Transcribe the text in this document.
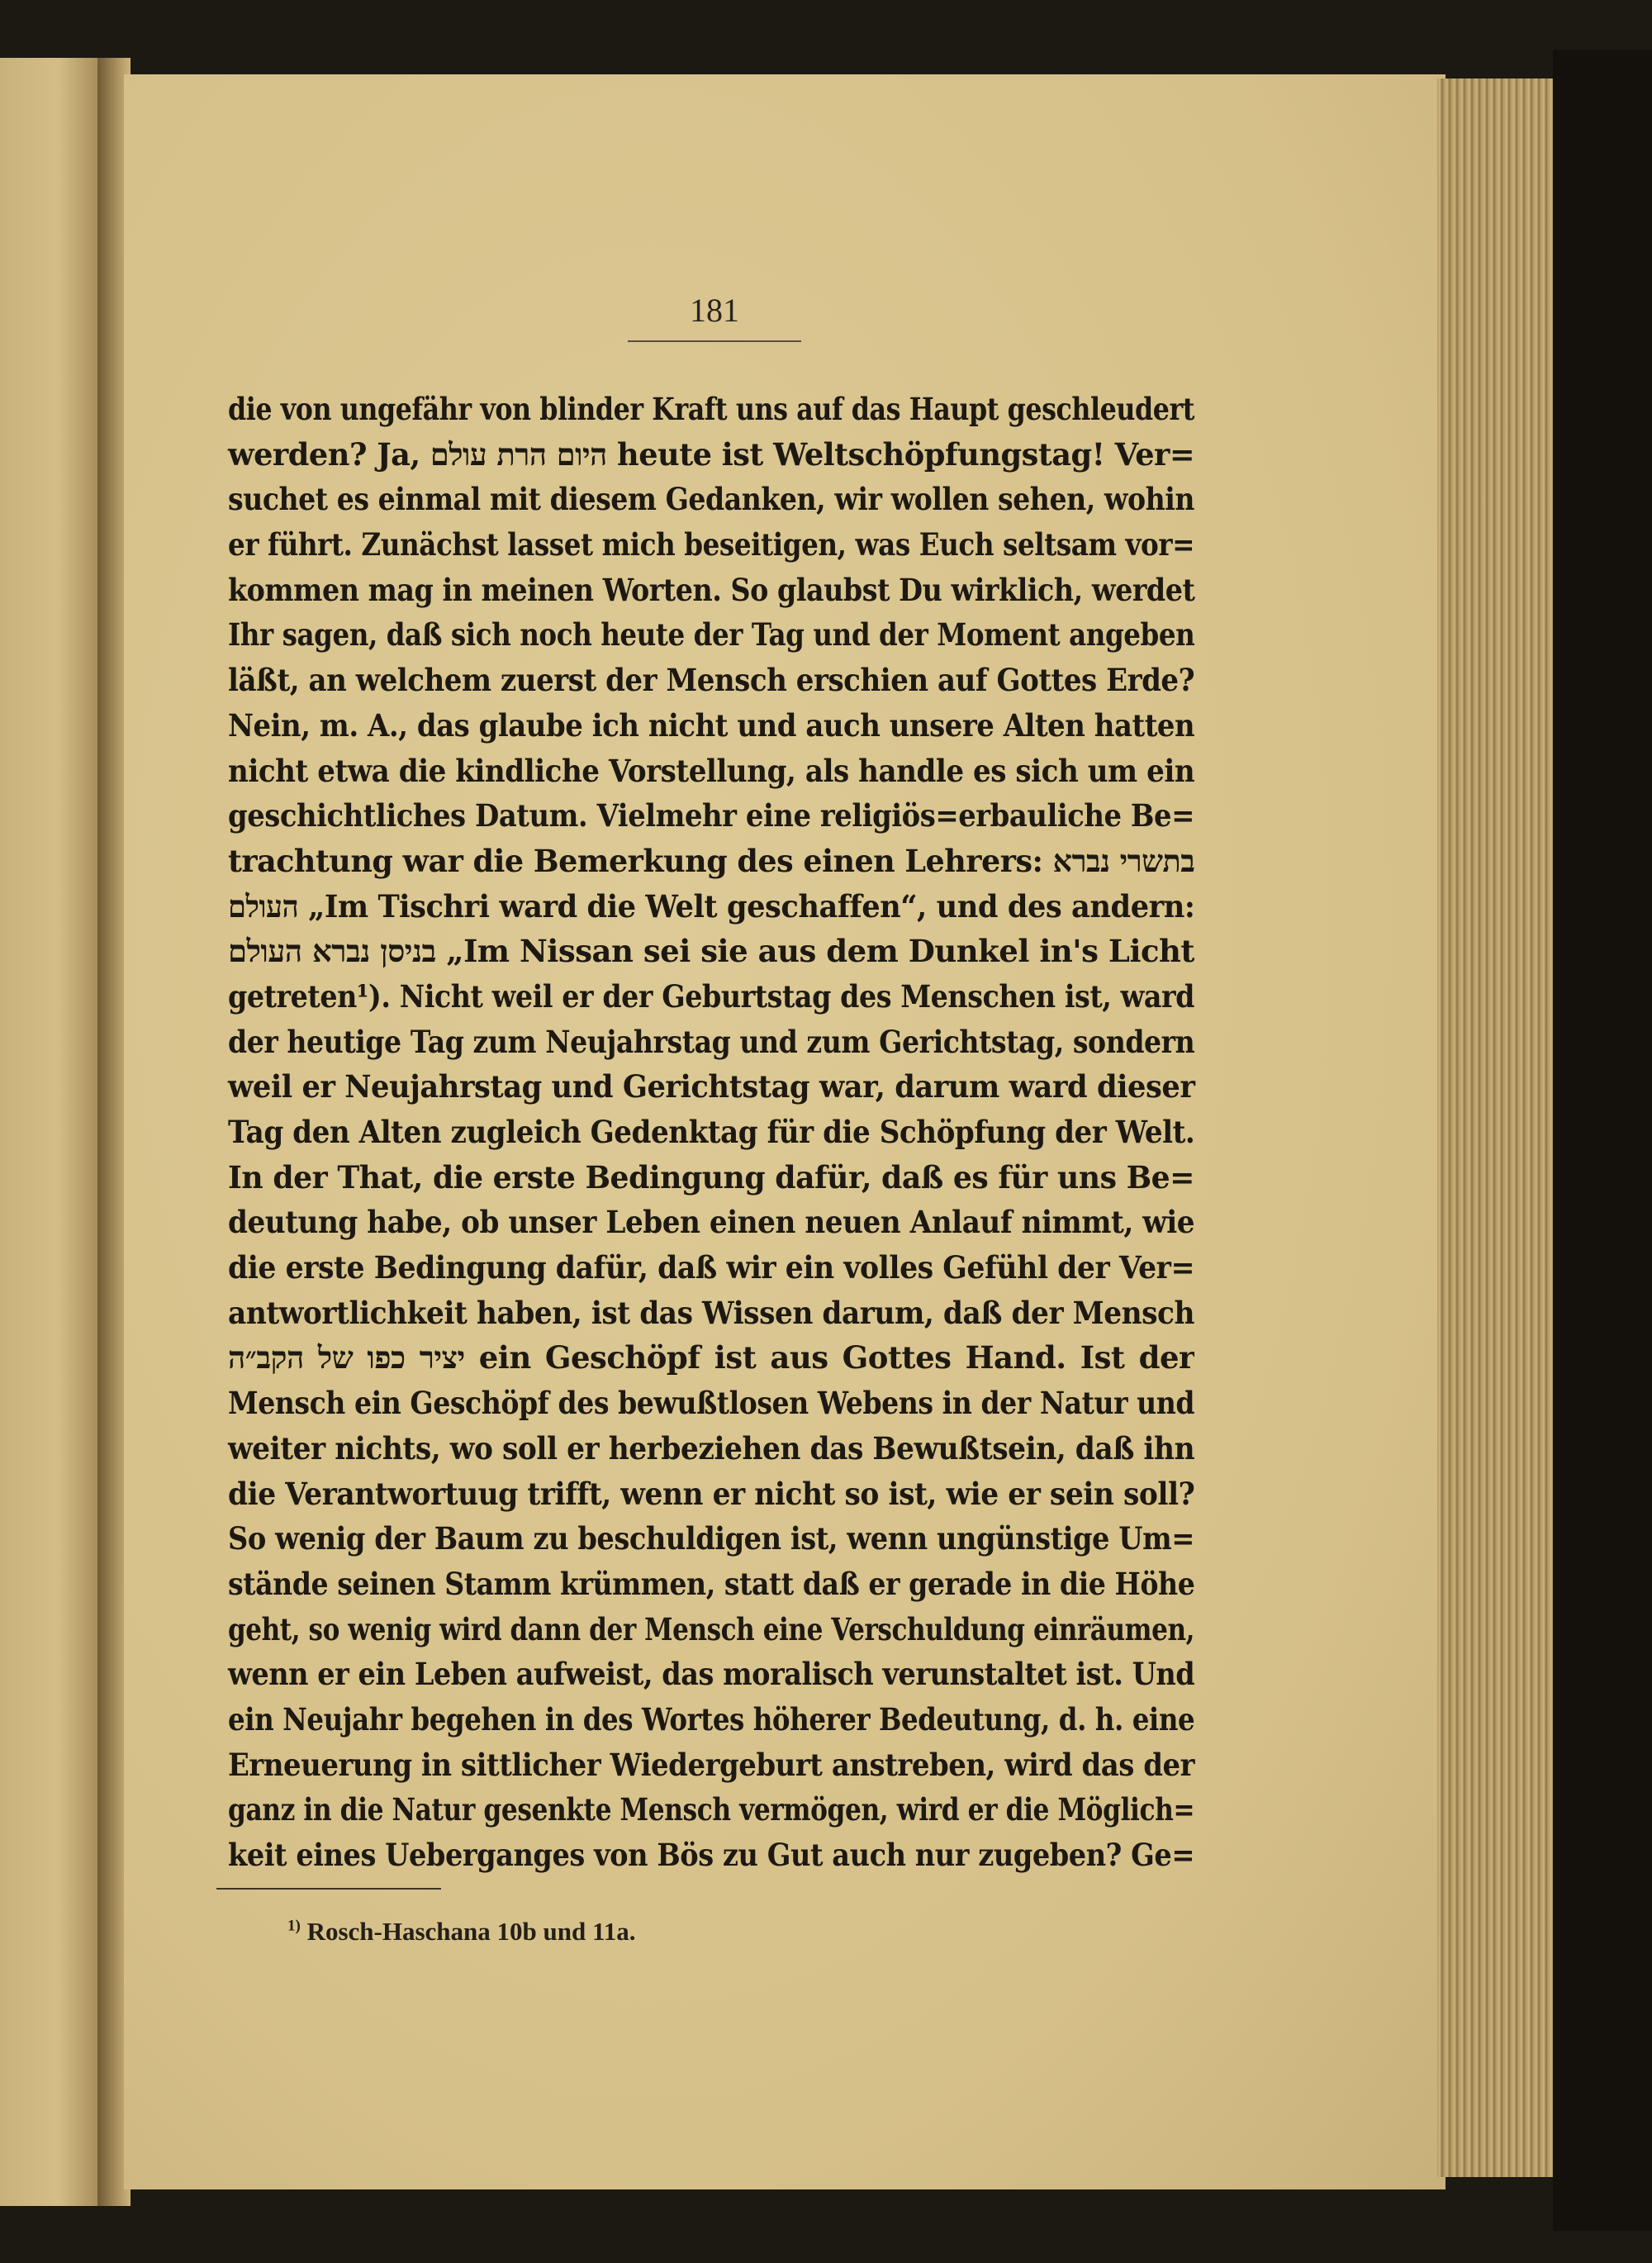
181
die von ungefähr von blinder Kraft uns auf das Haupt geschleudert
werden? Ja, היום הרת עולם heute ist Weltschöpfungstag! Ver=
suchet es einmal mit diesem Gedanken, wir wollen sehen, wohin
er führt. Zunächst lasset mich beseitigen, was Euch seltsam vor=
kommen mag in meinen Worten. So glaubst Du wirklich, werdet
Ihr sagen, daß sich noch heute der Tag und der Moment angeben
läßt, an welchem zuerst der Mensch erschien auf Gottes Erde?
Nein, m. A., das glaube ich nicht und auch unsere Alten hatten
nicht etwa die kindliche Vorstellung, als handle es sich um ein
geschichtliches Datum. Vielmehr eine religiös=erbauliche Be=
trachtung war die Bemerkung des einen Lehrers: בתשרי נברא
העולם „Im Tischri ward die Welt geschaffen“, und des andern:
בניסן נברא העולם „Im Nissan sei sie aus dem Dunkel in's Licht
getreten¹). Nicht weil er der Geburtstag des Menschen ist, ward
der heutige Tag zum Neujahrstag und zum Gerichtstag, sondern
weil er Neujahrstag und Gerichtstag war, darum ward dieser
Tag den Alten zugleich Gedenktag für die Schöpfung der Welt.
In der That, die erste Bedingung dafür, daß es für uns Be=
deutung habe, ob unser Leben einen neuen Anlauf nimmt, wie
die erste Bedingung dafür, daß wir ein volles Gefühl der Ver=
antwortlichkeit haben, ist das Wissen darum, daß der Mensch
יציר כפו של הקב״ה ein Geschöpf ist aus Gottes Hand. Ist der
Mensch ein Geschöpf des bewußtlosen Webens in der Natur und
weiter nichts, wo soll er herbeziehen das Bewußtsein, daß ihn
die Verantwortuug trifft, wenn er nicht so ist, wie er sein soll?
So wenig der Baum zu beschuldigen ist, wenn ungünstige Um=
stände seinen Stamm krümmen, statt daß er gerade in die Höhe
geht, so wenig wird dann der Mensch eine Verschuldung einräumen,
wenn er ein Leben aufweist, das moralisch verunstaltet ist. Und
ein Neujahr begehen in des Wortes höherer Bedeutung, d. h. eine
Erneuerung in sittlicher Wiedergeburt anstreben, wird das der
ganz in die Natur gesenkte Mensch vermögen, wird er die Möglich=
keit eines Ueberganges von Bös zu Gut auch nur zugeben? Ge=
$^{1)}$ Rosch-Haschana 10b und 11a.
